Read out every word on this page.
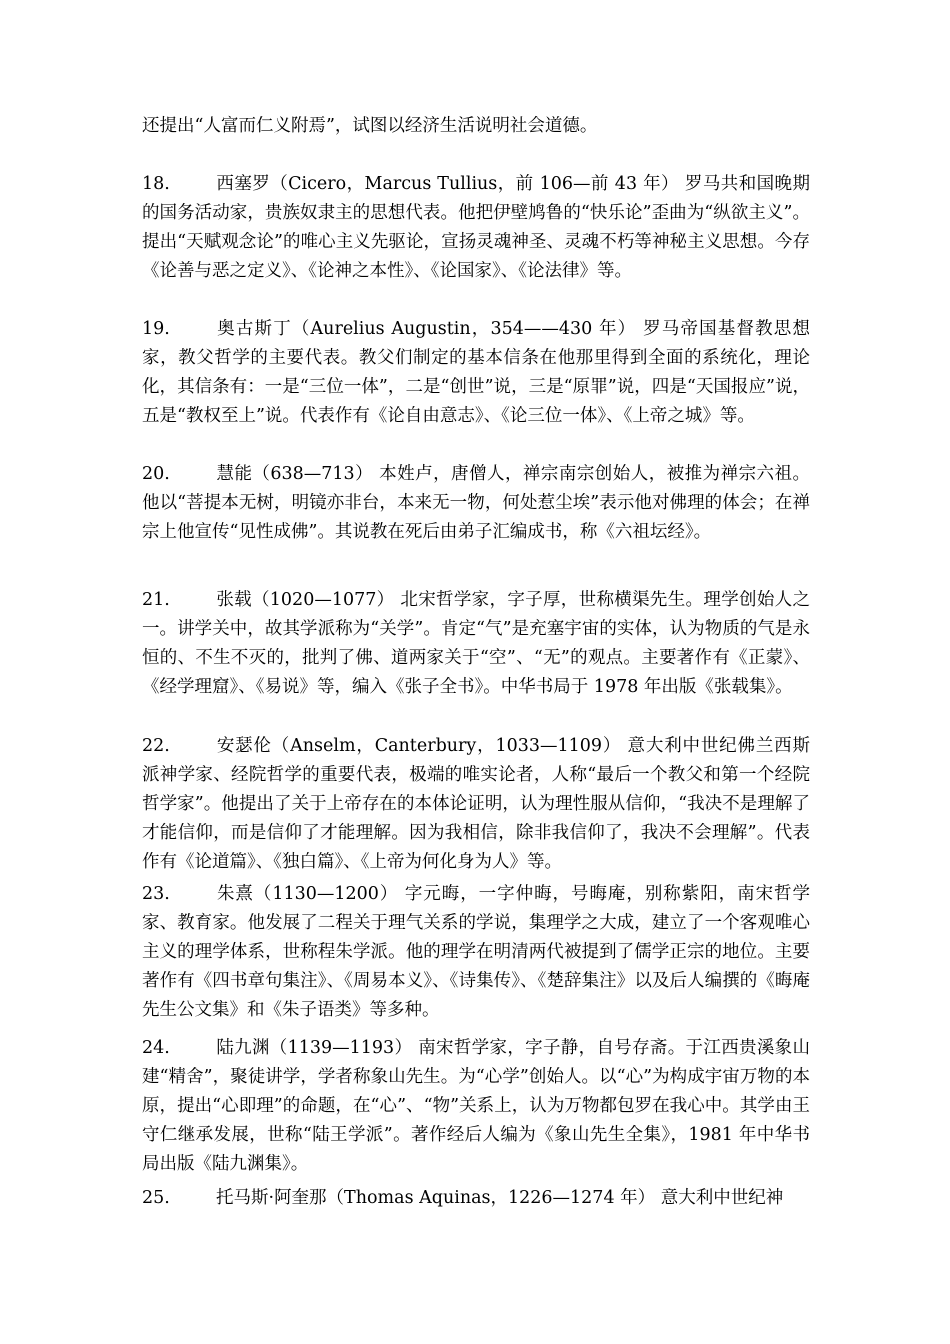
还提出“人富而仁义附焉”，试图以经济生活说明社会道德。

18.	西塞罗（Cicero，Marcus Tullius，前 106—前 43 年） 罗马共和国晚期的国务活动家，贵族奴隶主的思想代表。他把伊壁鸠鲁的“快乐论”歪曲为“纵欲主义”。提出“天赋观念论”的唯心主义先驱论，宣扬灵魂神圣、灵魂不朽等神秘主义思想。今存《论善与恶之定义》、《论神之本性》、《论国家》、《论法律》等。

19.	奥古斯丁（Aurelius Augustin，354——430 年） 罗马帝国基督教思想家，教父哲学的主要代表。教父们制定的基本信条在他那里得到全面的系统化，理论化，其信条有：一是“三位一体”，二是“创世”说，三是“原罪”说，四是“天国报应”说，五是“教权至上”说。代表作有《论自由意志》、《论三位一体》、《上帝之城》等。

20.	慧能（638—713） 本姓卢，唐僧人，禅宗南宗创始人，被推为禅宗六祖。他以“菩提本无树，明镜亦非台，本来无一物，何处惹尘埃”表示他对佛理的体会；在禅宗上他宣传“见性成佛”。其说教在死后由弟子汇编成书，称《六祖坛经》。

21.	张载（1020—1077） 北宋哲学家，字子厚，世称横渠先生。理学创始人之一。讲学关中，故其学派称为“关学”。肯定“气”是充塞宇宙的实体，认为物质的气是永恒的、不生不灭的，批判了佛、道两家关于“空”、“无”的观点。主要著作有《正蒙》、《经学理窟》、《易说》等，编入《张子全书》。中华书局于 1978 年出版《张载集》。

22.	安瑟伦（Anselm，Canterbury，1033—1109） 意大利中世纪佛兰西斯派神学家、经院哲学的重要代表，极端的唯实论者，人称“最后一个教父和第一个经院哲学家”。他提出了关于上帝存在的本体论证明，认为理性服从信仰，“我决不是理解了才能信仰，而是信仰了才能理解。因为我相信，除非我信仰了，我决不会理解”。代表作有《论道篇》、《独白篇》、《上帝为何化身为人》等。

23.	朱熹（1130—1200） 字元晦，一字仲晦，号晦庵，别称紫阳，南宋哲学家、教育家。他发展了二程关于理气关系的学说，集理学之大成，建立了一个客观唯心主义的理学体系，世称程朱学派。他的理学在明清两代被提到了儒学正宗的地位。主要著作有《四书章句集注》、《周易本义》、《诗集传》、《楚辞集注》以及后人编撰的《晦庵先生公文集》和《朱子语类》等多种。

24.	陆九渊（1139—1193） 南宋哲学家，字子静，自号存斋。于江西贵溪象山建“精舍”，聚徒讲学，学者称象山先生。为“心学”创始人。以“心”为构成宇宙万物的本原，提出“心即理”的命题，在“心”、“物”关系上，认为万物都包罗在我心中。其学由王守仁继承发展，世称“陆王学派”。著作经后人编为《象山先生全集》，1981 年中华书局出版《陆九渊集》。

25.	托马斯·阿奎那（Thomas Aquinas，1226—1274 年） 意大利中世纪神
